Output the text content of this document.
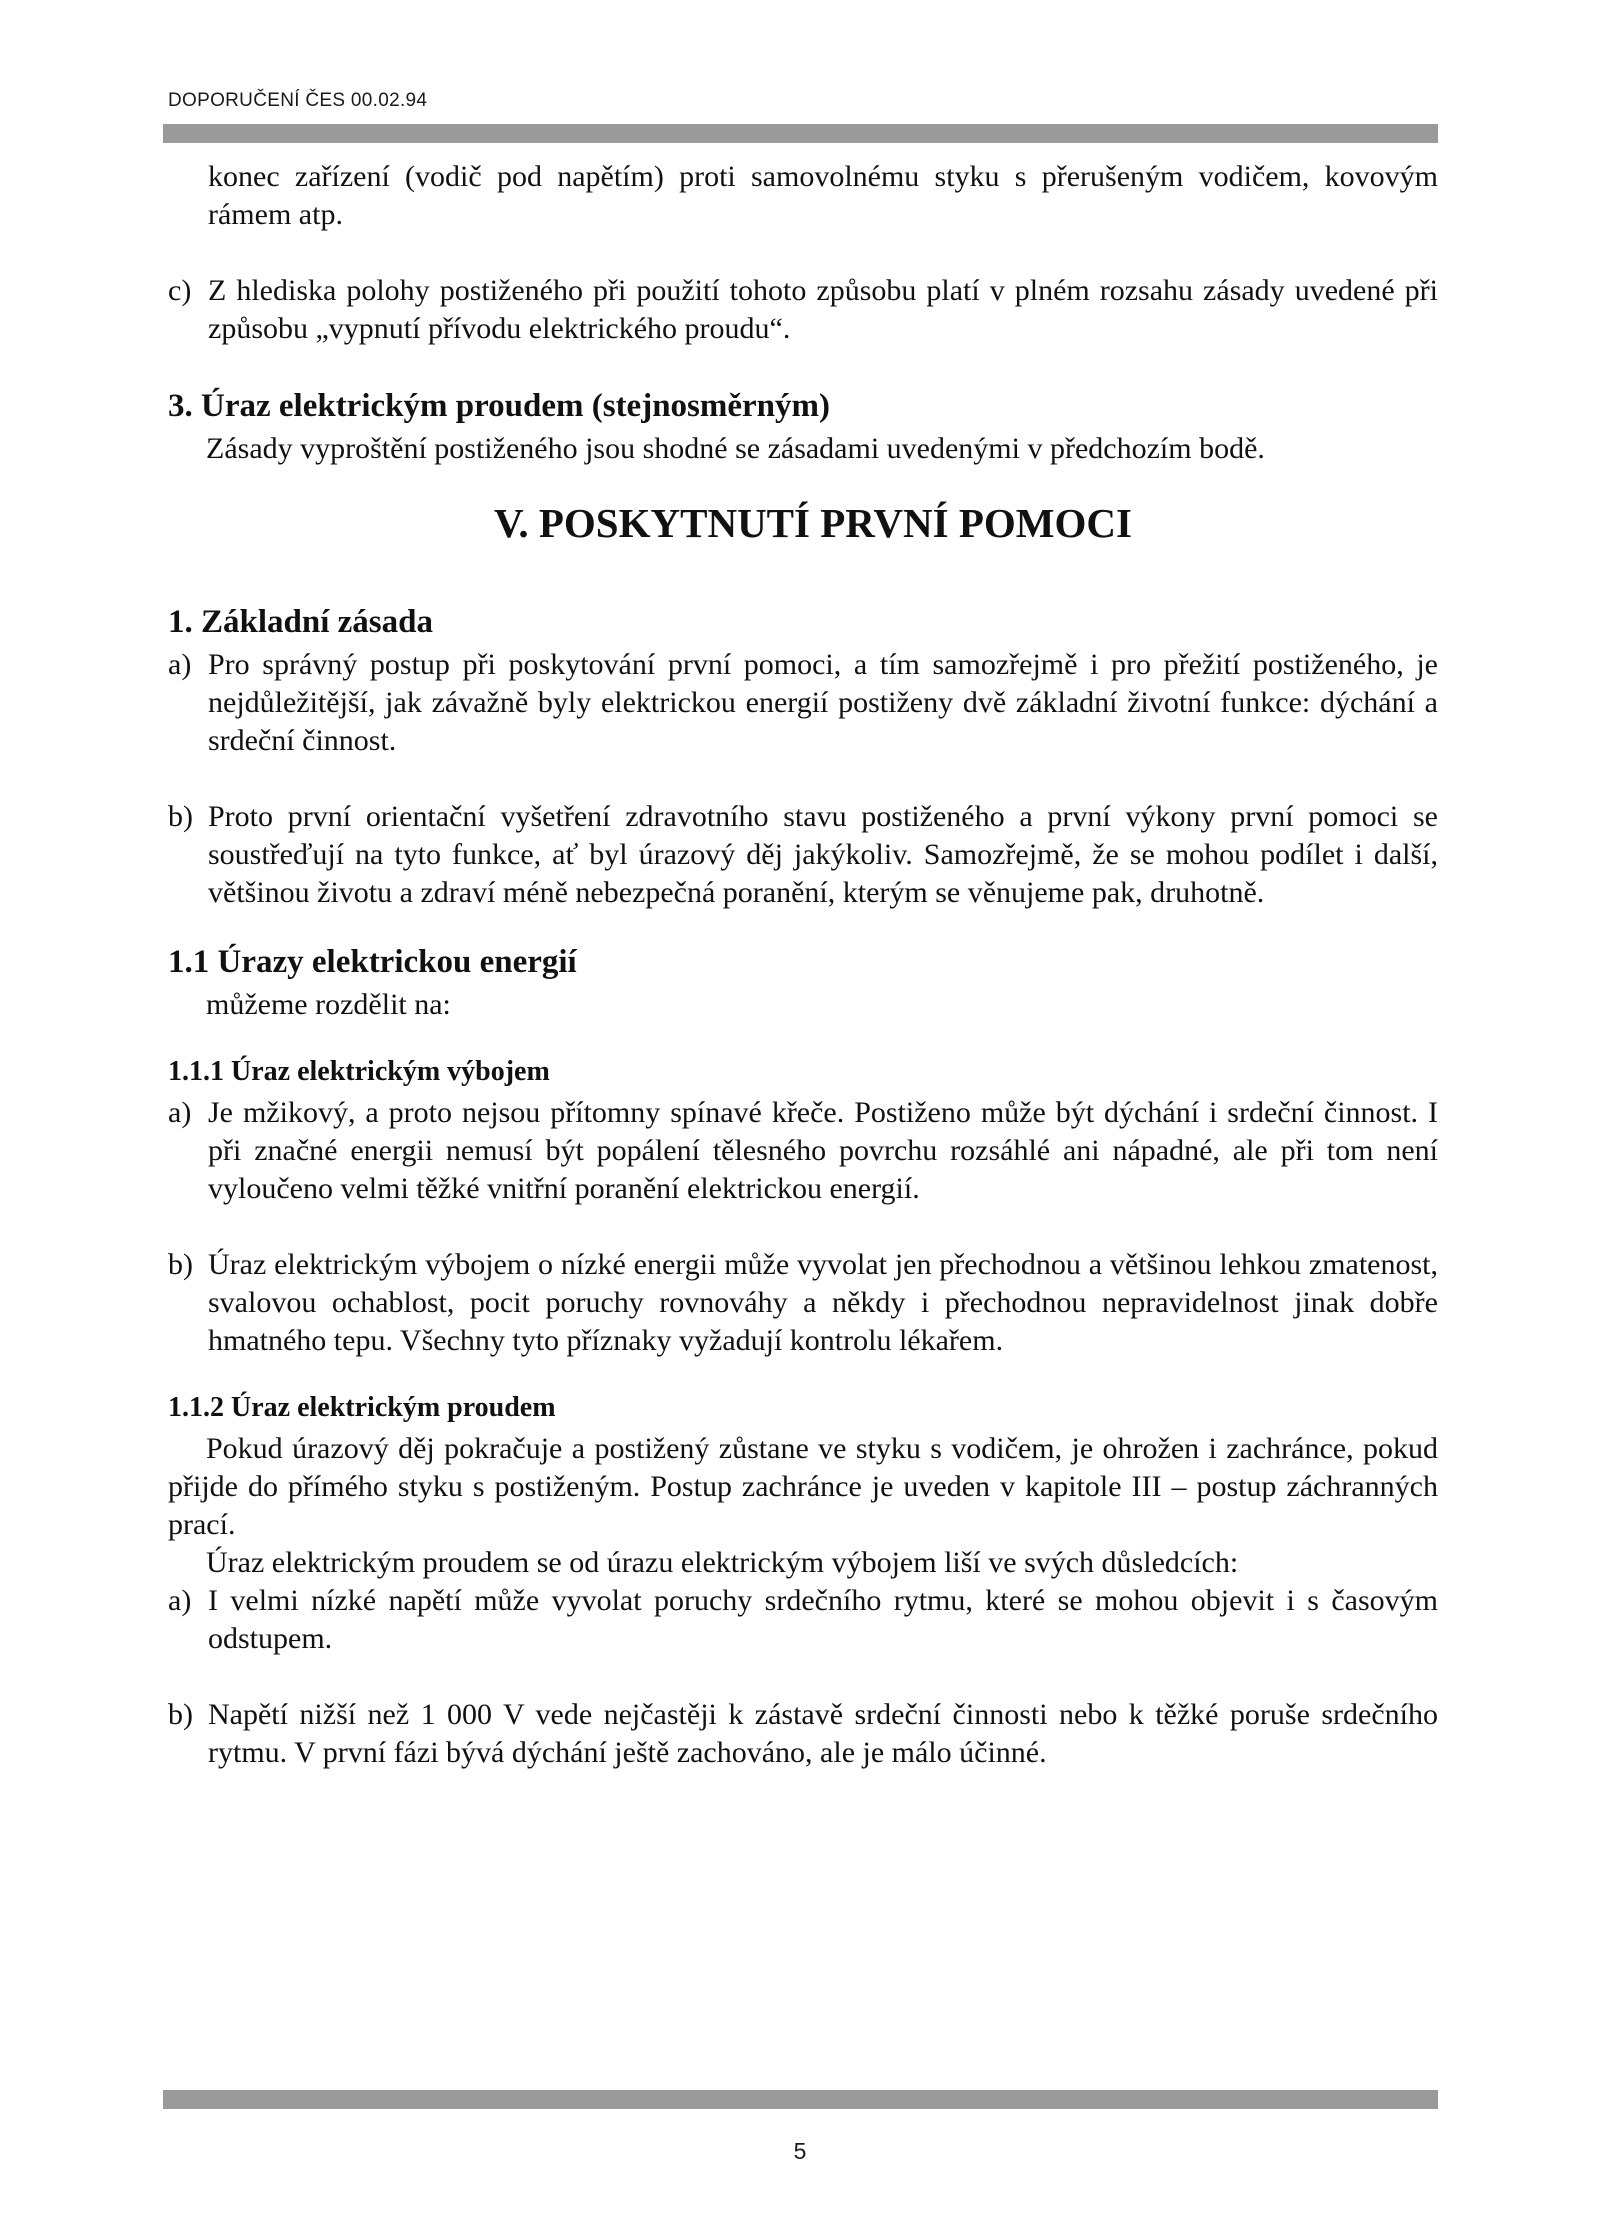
DOPORUČENÍ ČES 00.02.94
konec zařízení (vodič pod napětím) proti samovolnému styku s přerušeným vodičem, kovovým rámem atp.
c) Z hlediska polohy postiženého při použití tohoto způsobu platí v plném rozsahu zásady uvedené při způsobu „vypnutí přívodu elektrického proudu“.
3. Úraz elektrickým proudem (stejnosměrným)

Zásady vyproštění postiženého jsou shodné se zásadami uvedenými v předchozím bodě.

V. POSKYTNUTÍ PRVNÍ POMOCI
1. Základní zásada
a) Pro správný postup při poskytování první pomoci, a tím samozřejmě i pro přežití postiženého, je nejdůležitější, jak závažně byly elektrickou energií postiženy dvě základní životní funkce: dýchání a srdeční činnost.
b) Proto první orientační vyšetření zdravotního stavu postiženého a první výkony první pomoci se soustřeďují na tyto funkce, ať byl úrazový děj jakýkoliv. Samozřejmě, že se mohou podílet i další, většinou životu a zdraví méně nebezpečná poranění, kterým se věnujeme pak, druhotně.
1.1 Úrazy elektrickou energií

můžeme rozdělit na:

1.1.1 Úraz elektrickým výbojem
a) Je mžikový, a proto nejsou přítomny spínavé křeče. Postiženo může být dýchání i srdeční činnost. I při značné energii nemusí být popálení tělesného povrchu rozsáhlé ani nápadné, ale při tom není vyloučeno velmi těžké vnitřní poranění elektrickou energií.
b) Úraz elektrickým výbojem o nízké energii může vyvolat jen přechodnou a většinou lehkou zmatenost, svalovou ochablost, pocit poruchy rovnováhy a někdy i přechodnou nepravidelnost jinak dobře hmatného tepu. Všechny tyto příznaky vyžadují kontrolu lékařem.
1.1.2 Úraz elektrickým proudem

Pokud úrazový děj pokračuje a postižený zůstane ve styku s vodičem, je ohrožen i zachránce, pokud přijde do přímého styku s postiženým. Postup zachránce je uveden v kapitole III – postup záchranných prací.

Úraz elektrickým proudem se od úrazu elektrickým výbojem liší ve svých důsledcích:

a) I velmi nízké napětí může vyvolat poruchy srdečního rytmu, které se mohou objevit i s časovým odstupem.
b) Napětí nižší než 1 000 V vede nejčastěji k zástavě srdeční činnosti nebo k těžké poruše srdečního rytmu. V první fázi bývá dýchání ještě zachováno, ale je málo účinné.
5
